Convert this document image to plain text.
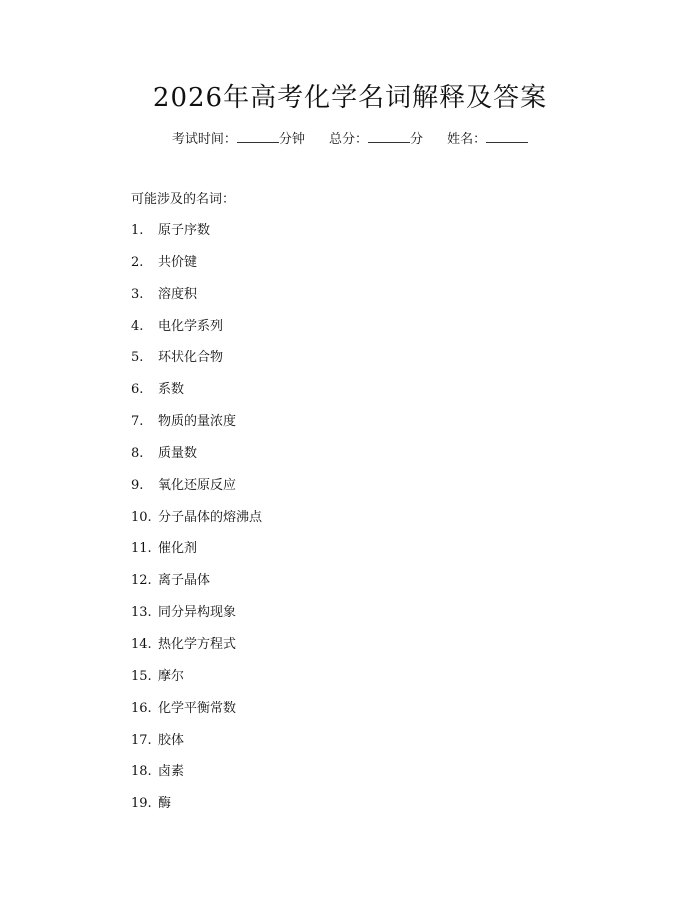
2026年高考化学名词解释及答案
考试时间：	分钟 总分：	分 姓名：
可能涉及的名词：
1. 原子序数
2. 共价键
3. 溶度积
4. 电化学系列
5. 环状化合物
6. 系数
7. 物质的量浓度
8. 质量数
9. 氧化还原反应
10. 分子晶体的熔沸点
11. 催化剂
12. 离子晶体
13. 同分异构现象
14. 热化学方程式
15. 摩尔
16. 化学平衡常数
17. 胶体
18. 卤素
19. 酶
